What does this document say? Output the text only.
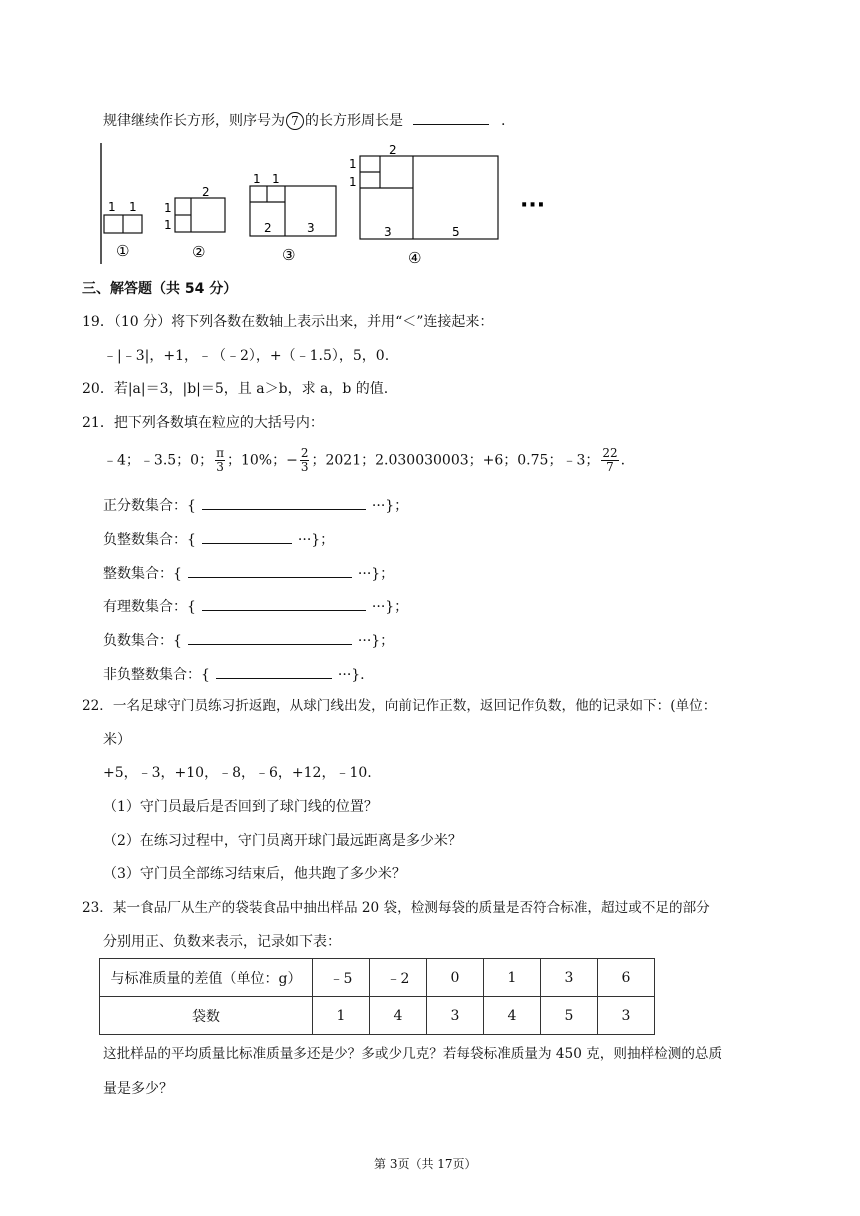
规律继续作长方形，则序号为 7 的长方形周长是	.
1 1
①
2
1
1
②
1 1
2	3
③
2
1
1
3	5
④
···
三、解答题（共 54 分）
19．（10 分）将下列各数在数轴上表示出来，并用“＜”连接起来：
﹣|﹣3|，+1，﹣（﹣2），+（﹣1.5），5，0.
20．若|a|＝3，|b|＝5，且 a＞b，求 a，b 的值.
21．把下列各数填在粒应的大括号内：
﹣4；﹣3.5；0； $\frac{\pi}{3}$ ；10%；− $\frac{2}{3}$ ；2021；2.030030003；+6；0.75；﹣3； $\frac{22}{7}$ .
正分数集合：{	···}；
负整数集合：{	···}；
整数集合：{	···}；
有理数集合：{	···}；
负数集合：{	···}；
非负整数集合：{	···}.
22．一名足球守门员练习折返跑，从球门线出发，向前记作正数，返回记作负数，他的记录如下：(单位：
米）
+5，﹣3，+10，﹣8，﹣6，+12，﹣10.
（1）守门员最后是否回到了球门线的位置？
（2）在练习过程中，守门员离开球门最远距离是多少米？
（3）守门员全部练习结束后，他共跑了多少米？
23．某一食品厂从生产的袋装食品中抽出样品 20 袋，检测每袋的质量是否符合标准，超过或不足的部分
分别用正、负数来表示，记录如下表：
与标准质量的差值（单位：g）	﹣5	﹣2	0	1	3	6
袋数	1	4	3	4	5	3
这批样品的平均质量比标准质量多还是少？多或少几克？若每袋标准质量为 450 克，则抽样检测的总质
量是多少？
第 3页（共 17页）
